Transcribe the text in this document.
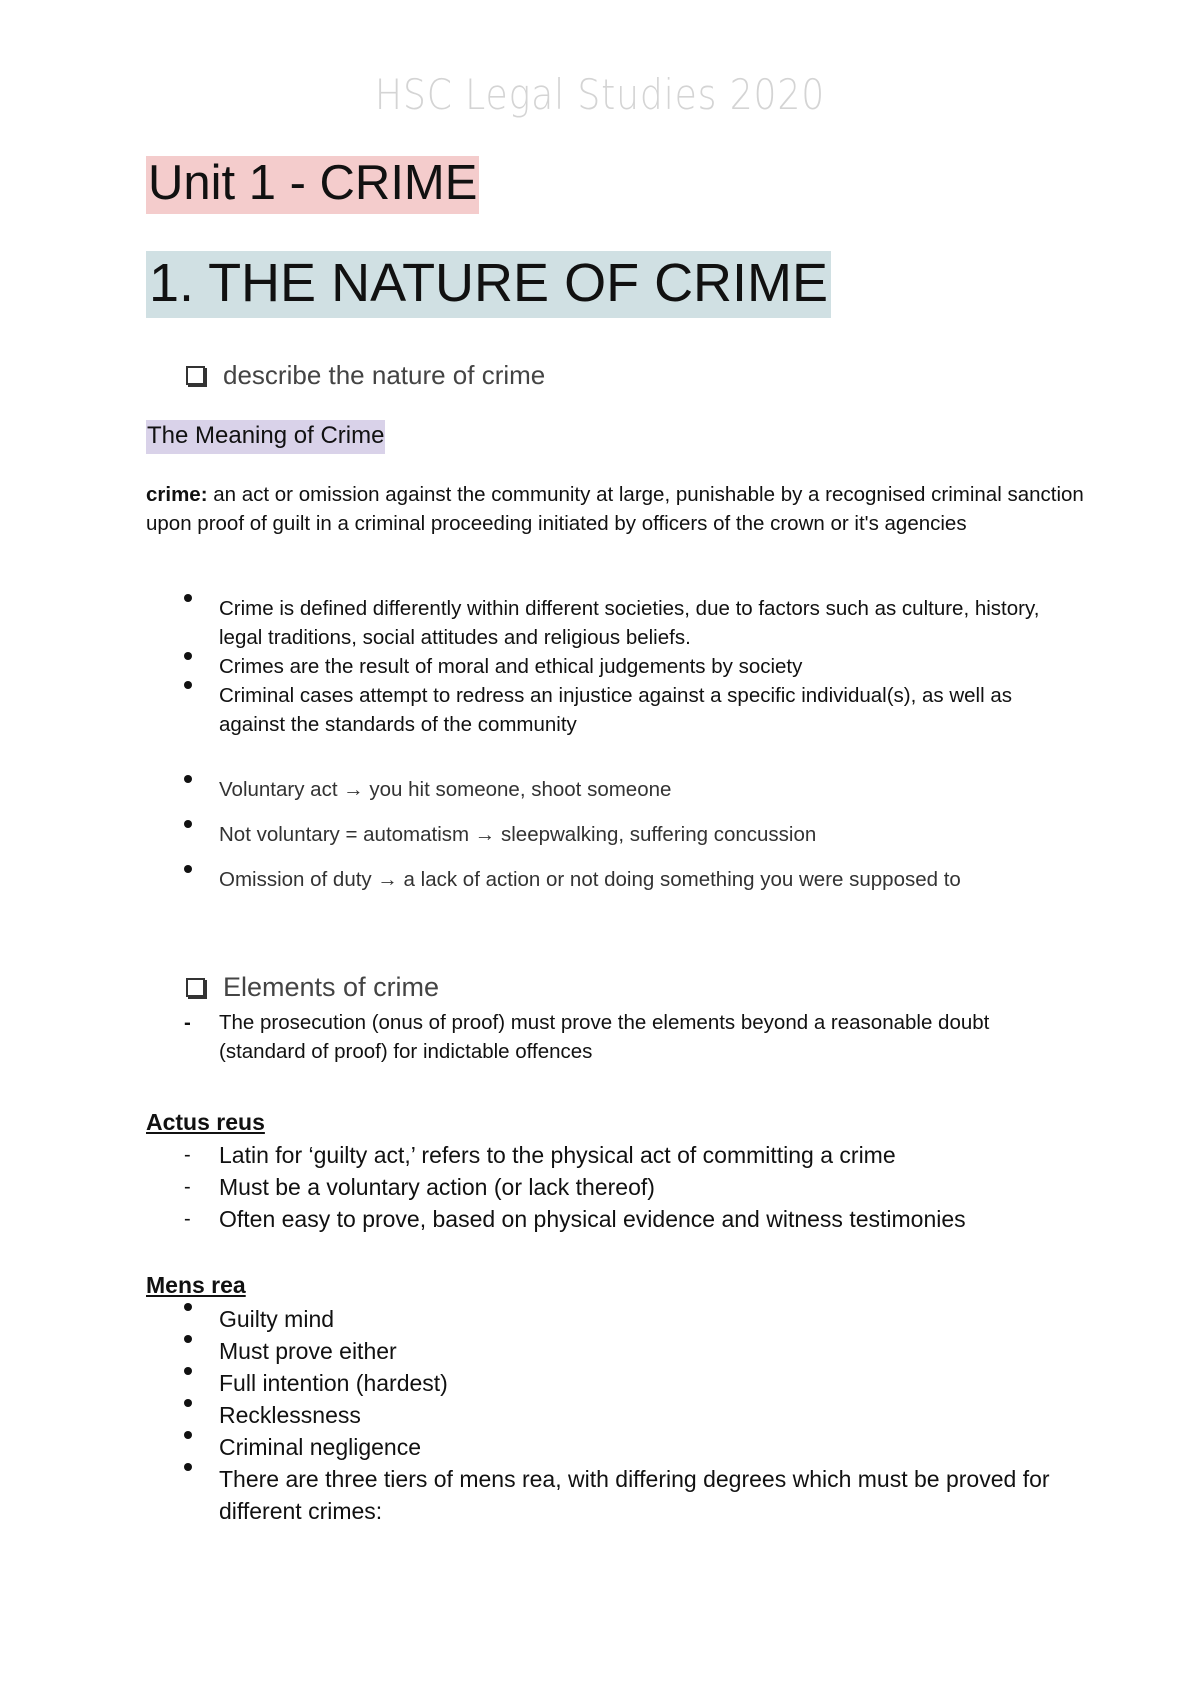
HSC Legal Studies 2020
Unit 1 - CRIME
1. THE NATURE OF CRIME
describe the nature of crime
The Meaning of Crime
crime: an act or omission against the community at large, punishable by a recognised criminal sanction upon proof of guilt in a criminal proceeding initiated by officers of the crown or it's agencies
Crime is defined differently within different societies, due to factors such as culture, history, legal traditions, social attitudes and religious beliefs.
Crimes are the result of moral and ethical judgements by society
Criminal cases attempt to redress an injustice against a specific individual(s), as well as
against the standards of the community
Voluntary act → you hit someone, shoot someone
Not voluntary = automatism → sleepwalking, suffering concussion
Omission of duty → a lack of action or not doing something you were supposed to
Elements of crime
- The prosecution (onus of proof) must prove the elements beyond a reasonable doubt (standard of proof) for indictable offences
Actus reus
- Latin for ‘guilty act,’ refers to the physical act of committing a crime
- Must be a voluntary action (or lack thereof)
- Often easy to prove, based on physical evidence and witness testimonies
Mens rea
Guilty mind
Must prove either
Full intention (hardest)
Recklessness
Criminal negligence
There are three tiers of mens rea, with differing degrees which must be proved for different crimes:
